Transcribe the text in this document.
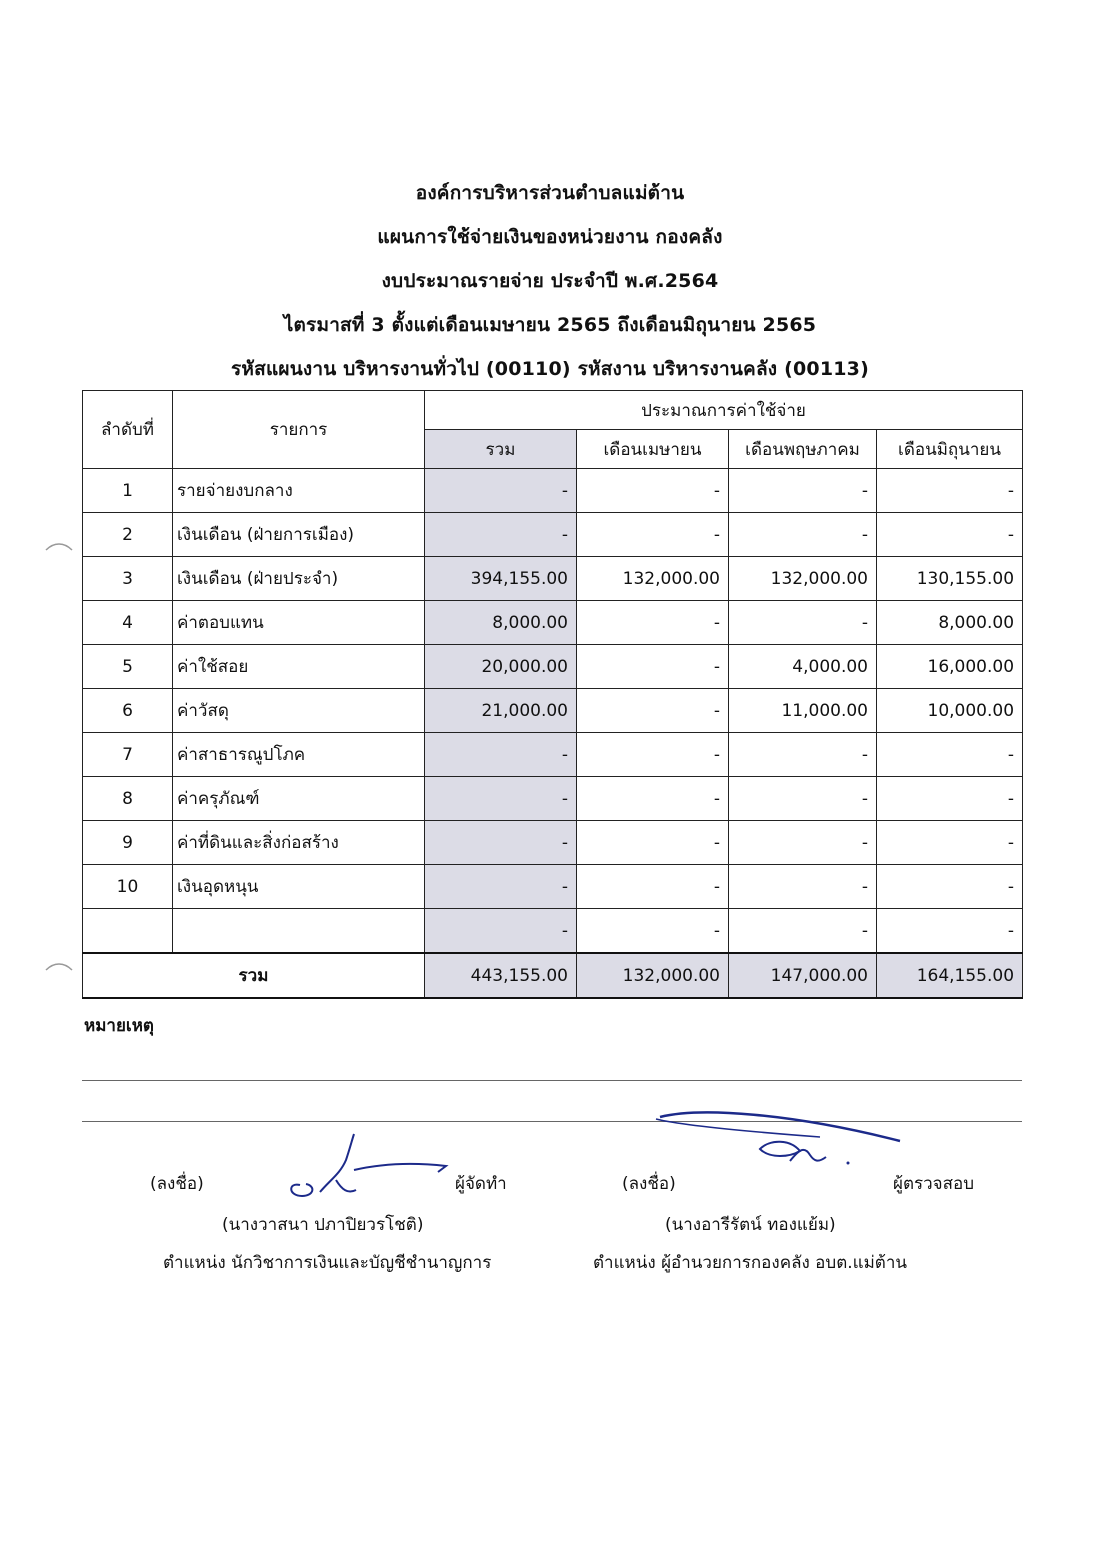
องค์การบริหารส่วนตำบลแม่ต้าน
แผนการใช้จ่ายเงินของหน่วยงาน กองคลัง
งบประมาณรายจ่าย ประจำปี พ.ศ.2564
ไตรมาสที่ 3 ตั้งแต่เดือนเมษายน 2565 ถึงเดือนมิถุนายน 2565
รหัสแผนงาน บริหารงานทั่วไป (00110) รหัสงาน บริหารงานคลัง (00113)
ลำดับที่	รายการ	ประมาณการค่าใช้จ่าย			
		รวม	เดือนเมษายน	เดือนพฤษภาคม	เดือนมิถุนายน
1	รายจ่ายงบกลาง	-	-	-	-
2	เงินเดือน (ฝ่ายการเมือง)	-	-	-	-
3	เงินเดือน (ฝ่ายประจำ)	394,155.00	132,000.00	132,000.00	130,155.00
4	ค่าตอบแทน	8,000.00	-	-	8,000.00
5	ค่าใช้สอย	20,000.00	-	4,000.00	16,000.00
6	ค่าวัสดุ	21,000.00	-	11,000.00	10,000.00
7	ค่าสาธารณูปโภค	-	-	-	-
8	ค่าครุภัณฑ์	-	-	-	-
9	ค่าที่ดินและสิ่งก่อสร้าง	-	-	-	-
10	เงินอุดหนุน	-	-	-	-
		-	-	-	-
รวม		443,155.00	132,000.00	147,000.00	164,155.00
หมายเหตุ
(ลงชื่อ)	ผู้จัดทำ
(นางวาสนา ปภาปิยวรโชติ)
ตำแหน่ง นักวิชาการเงินและบัญชีชำนาญการ
(ลงชื่อ)	ผู้ตรวจสอบ
(นางอารีรัตน์ ทองแย้ม)
ตำแหน่ง ผู้อำนวยการกองคลัง อบต.แม่ต้าน
